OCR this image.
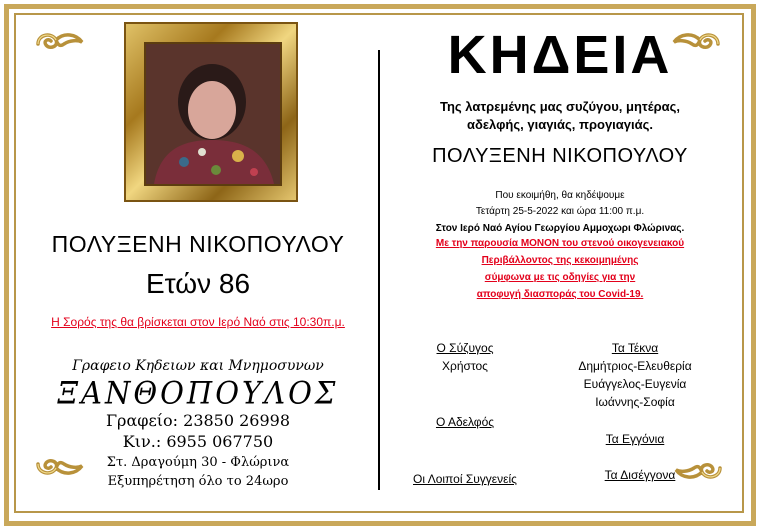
ΠΟΛΥΞΕΝΗ ΝΙΚΟΠΟΥΛΟΥ
Ετών 86
Η Σορός της θα βρίσκεται στον Ιερό Ναό στις 10:30π.μ.
Γραφειο Κηδειων και Μνημοσυνων
ΞΑΝΘΟΠΟΥΛΟΣ
Γραφείο: 23850 26998
Κιν.: 6955 067750
Στ. Δραγούμη 30 - Φλώρινα
Εξυπηρέτηση όλο το 24ωρο
ΚΗΔΕΙΑ
Της λατρεμένης μας συζύγου, μητέρας,
αδελφής, γιαγιάς, προγιαγιάς.
ΠΟΛΥΞΕΝΗ ΝΙΚΟΠΟΥΛΟΥ
Που εκοιμήθη, θα κηδέψουμε
Τετάρτη 25-5-2022 και ώρα 11:00 π.μ.
Στον Ιερό Ναό Αγίου Γεωργίου Αμμοχωρι Φλώρινας.
Με την παρουσία ΜΟΝΟΝ του στενού οικογενειακού
Περιβάλλοντος της κεκοιμημένης
σύμφωνα με τις οδηγίες για την
αποφυγή διασποράς του Covid-19.
Ο Σύζυγος
Χρήστος
Ο Αδελφός
Οι Λοιποί Συγγενείς
Τα Τέκνα
Δημήτριος-Ελευθερία
Ευάγγελος-Ευγενία
Ιωάννης-Σοφία
Τα Εγγόνια
Τα Δισέγγονα
